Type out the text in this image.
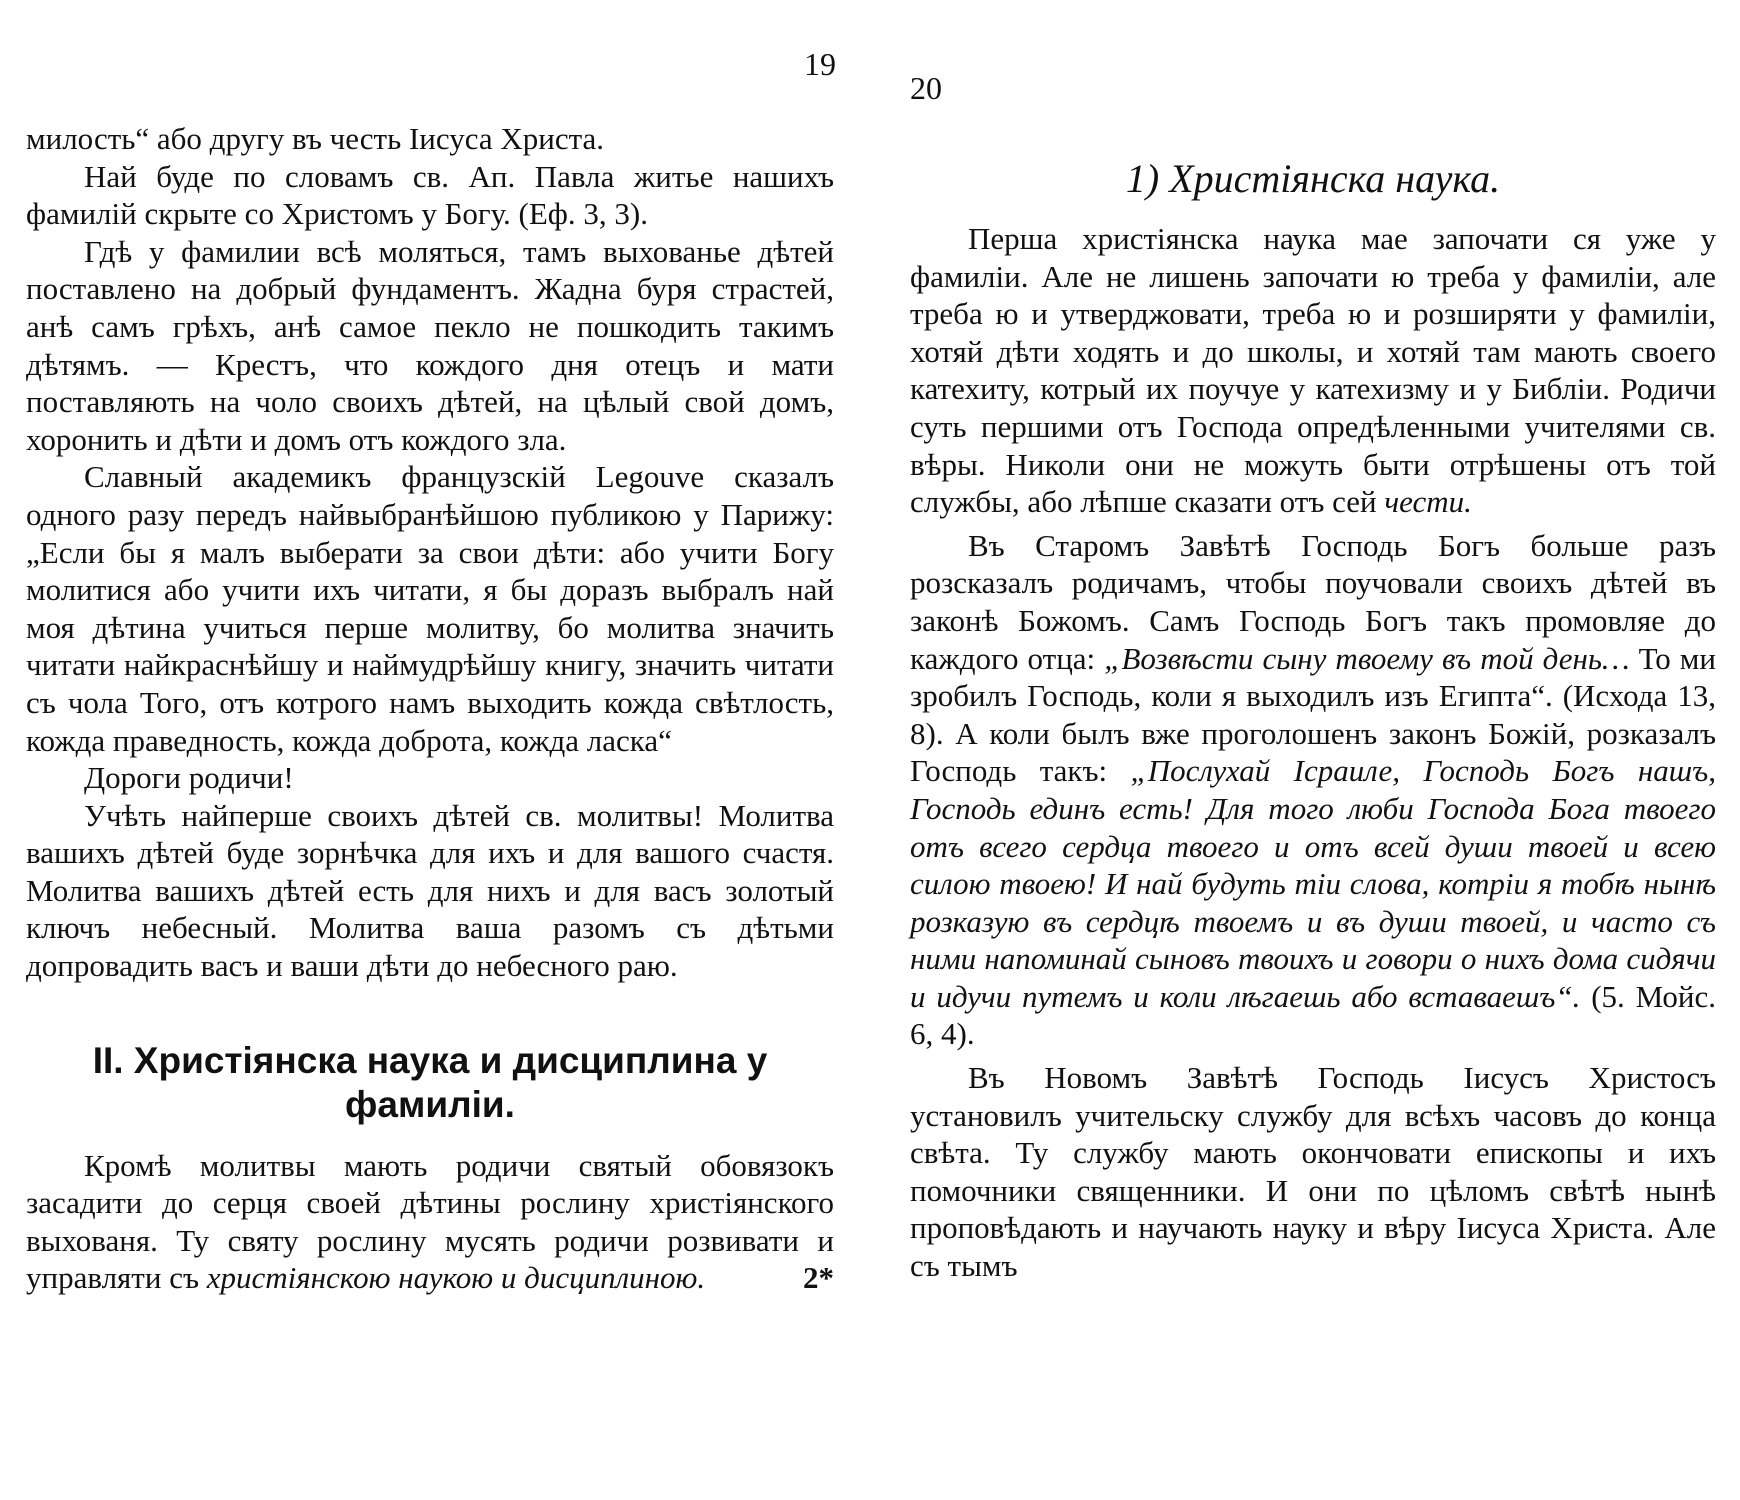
19

милость“ або другу въ честь Іисуса Христа.

Най буде по словамъ св. Ап. Павла житье нашихъ фамилій скрыте со Христомъ у Богу. (Еф. 3, 3).

Гдѣ у фамилии всѣ моляться, тамъ выхованье дѣтей поставлено на добрый фундаментъ. Жадна буря страстей, анѣ самъ грѣхъ, анѣ самое пекло не пошкодить такимъ дѣтямъ. — Крестъ, что кождого дня отецъ и мати поставляють на чоло своихъ дѣтей, на цѣлый свой домъ, хоронить и дѣти и домъ отъ кождого зла.

Славный академикъ французскій Legouve сказалъ одного разу передъ найвыбранѣйшою публикою у Парижу: „Если бы я малъ выберати за свои дѣти: або учити Богу молитися або учити ихъ читати, я бы доразъ выбралъ най моя дѣтина учиться перше молитву, бо молитва значить читати найкраснѣйшу и наймудрѣйшу книгу, значить читати съ чола Того, отъ котрого намъ выходить кожда свѣтлость, кожда праведность, кожда доброта, кожда ласка“

Дороги родичи!

Учѣть найперше своихъ дѣтей св. молитвы! Молитва вашихъ дѣтей буде зорнѣчка для ихъ и для вашого счастя. Молитва вашихъ дѣтей есть для нихъ и для васъ золотый ключъ небесный. Молитва ваша разомъ съ дѣтьми допровадить васъ и ваши дѣти до небесного раю.

II. Христіянска наука и дисциплина у фамиліи.

Кромѣ молитвы мають родичи святый обовязокъ засадити до серця своей дѣтины рослину христіянского выхованя. Ту святу рослину мусять родичи розвивати и управляти съ христіянскою наукою и дисциплиною.	2*

20
1) Христіянска наука.

Перша христіянска наука мае започати ся уже у фамиліи. Але не лишень започати ю треба у фамиліи, але треба ю и утверджовати, треба ю и розширяти у фамиліи, хотяй дѣти ходять и до школы, и хотяй там мають своего катехиту, котрый их поучуе у катехизму и у Библіи. Родичи суть першими отъ Господа опредѣленными учителями св. вѣры. Николи они не можуть быти отрѣшены отъ той службы, або лѣпше сказати отъ сей чести.

Въ Старомъ Завѣтѣ Господь Богъ больше разъ розсказалъ родичамъ, чтобы поучовали своихъ дѣтей въ законѣ Божомъ. Самъ Господь Богъ такъ промовляе до каждого отца: „Возвѣсти сыну твоему въ той день… То ми зробилъ Господь, коли я выходилъ изъ Египта“. (Исхода 13, 8). А коли былъ вже проголошенъ законъ Божій, розказалъ Господь такъ: „Послухай Ісраиле, Господь Богъ нашъ, Господь единъ есть! Для того люби Господа Бога твоего отъ всего сердца твоего и отъ всей души твоей и всею силою твоею! И най будуть тіи слова, котріи я тобѣ нынѣ розказую въ сердцѣ твоемъ и въ души твоей, и часто съ ними напоминай сыновъ твоихъ и говори о нихъ дома сидячи и идучи путемъ и коли лѣгаешь або вставаешъ“. (5. Мойс. 6, 4).

Въ Новомъ Завѣтѣ Господь Іисусъ Христосъ установилъ учительску службу для всѣхъ часовъ до конца свѣта. Ту службу мають окончовати епископы и ихъ помочники священники. И они по цѣломъ свѣтѣ нынѣ проповѣдають и научають науку и вѣру Іисуса Христа. Але съ тымъ
